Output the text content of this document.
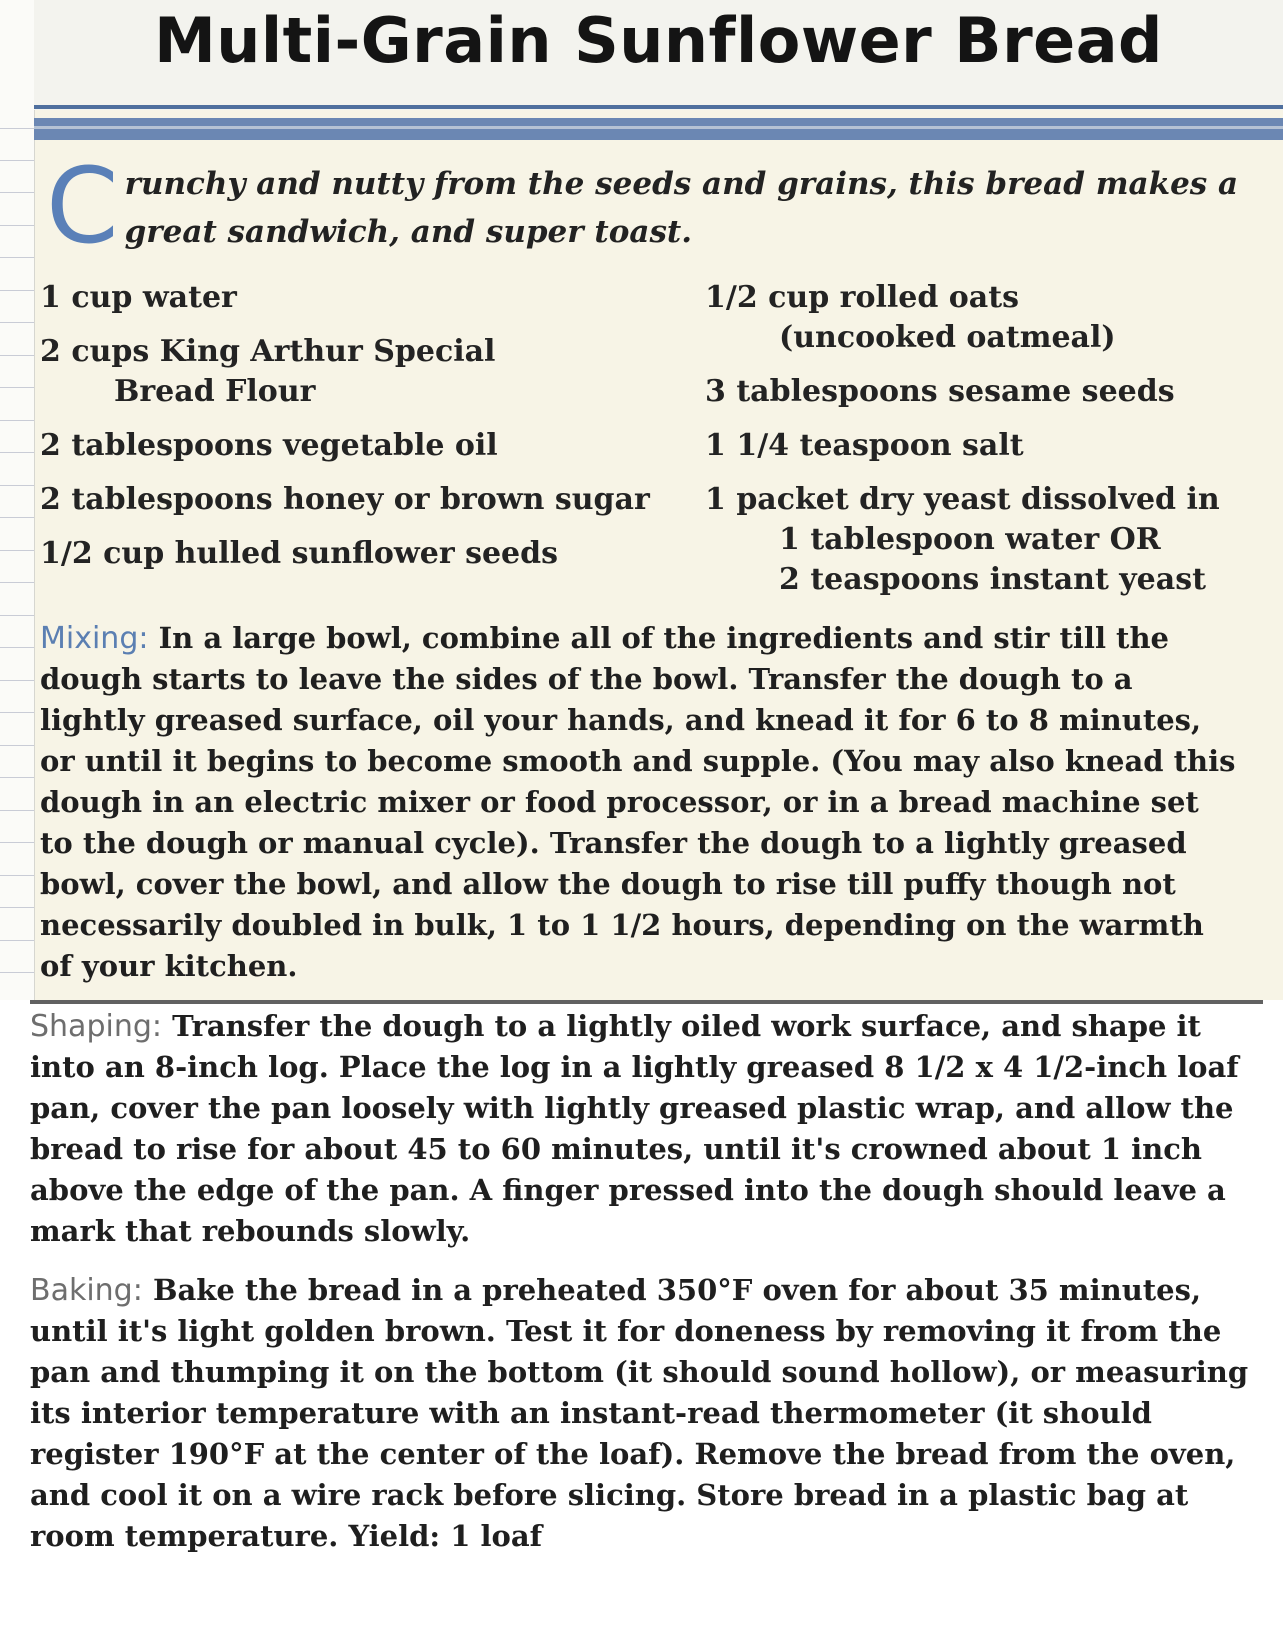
Multi-Grain Sunflower Bread
C runchy and nutty from the seeds and grains, this bread makes a great sandwich, and super toast.
1 cup water
2 cups King Arthur Special
Bread Flour
2 tablespoons vegetable oil
2 tablespoons honey or brown sugar
1/2 cup hulled sunflower seeds
1/2 cup rolled oats
(uncooked oatmeal)
3 tablespoons sesame seeds
1 1/4 teaspoon salt
1 packet dry yeast dissolved in
1 tablespoon water OR
2 teaspoons instant yeast
Mixing: In a large bowl, combine all of the ingredients and stir till the dough starts to leave the sides of the bowl. Transfer the dough to a lightly greased surface, oil your hands, and knead it for 6 to 8 minutes, or until it begins to become smooth and supple. (You may also knead this dough in an electric mixer or food processor, or in a bread machine set to the dough or manual cycle). Transfer the dough to a lightly greased bowl, cover the bowl, and allow the dough to rise till puffy though not necessarily doubled in bulk, 1 to 1 1/2 hours, depending on the warmth of your kitchen.
Shaping: Transfer the dough to a lightly oiled work surface, and shape it into an 8-inch log. Place the log in a lightly greased 8 1/2 x 4 1/2-inch loaf pan, cover the pan loosely with lightly greased plastic wrap, and allow the bread to rise for about 45 to 60 minutes, until it's crowned about 1 inch above the edge of the pan. A finger pressed into the dough should leave a mark that rebounds slowly.
Baking: Bake the bread in a preheated 350°F oven for about 35 minutes, until it's light golden brown. Test it for doneness by removing it from the pan and thumping it on the bottom (it should sound hollow), or measuring its interior temperature with an instant-read thermometer (it should register 190°F at the center of the loaf). Remove the bread from the oven, and cool it on a wire rack before slicing. Store bread in a plastic bag at room temperature. Yield: 1 loaf
